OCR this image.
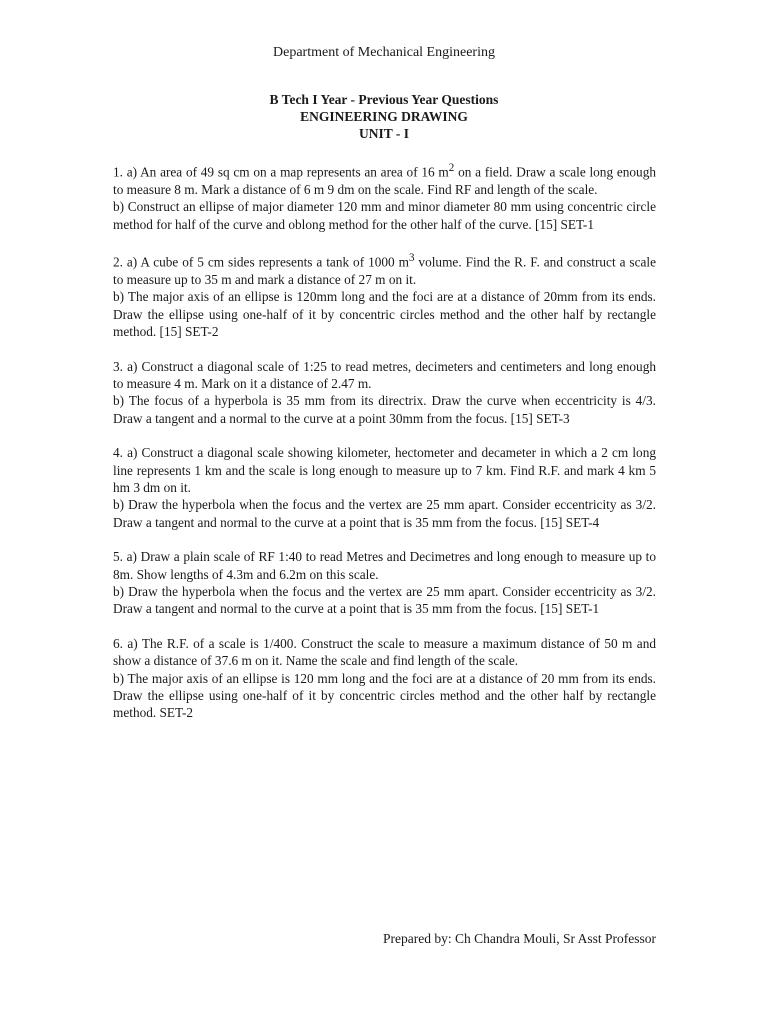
Department of Mechanical Engineering
B Tech I Year - Previous Year Questions
ENGINEERING DRAWING
UNIT - I

1. a) An area of 49 sq cm on a map represents an area of 16 $m^2$ on a field. Draw a scale long enough to measure 8 m. Mark a distance of 6 m 9 dm on the scale. Find RF and length of the scale.

b) Construct an ellipse of major diameter 120 mm and minor diameter 80 mm using concentric circle method for half of the curve and oblong method for the other half of the curve. [15] SET-1

2. a) A cube of 5 cm sides represents a tank of 1000 $m^3$ volume. Find the R. F. and construct a scale to measure up to 35 m and mark a distance of 27 m on it.

b) The major axis of an ellipse is 120mm long and the foci are at a distance of 20mm from its ends. Draw the ellipse using one-half of it by concentric circles method and the other half by rectangle method. [15] SET-2

3. a) Construct a diagonal scale of 1:25 to read metres, decimeters and centimeters and long enough to measure 4 m. Mark on it a distance of 2.47 m.

b) The focus of a hyperbola is 35 mm from its directrix. Draw the curve when eccentricity is 4/3. Draw a tangent and a normal to the curve at a point 30mm from the focus. [15] SET-3

4. a) Construct a diagonal scale showing kilometer, hectometer and decameter in which a 2 cm long line represents 1 km and the scale is long enough to measure up to 7 km. Find R.F. and mark 4 km 5 hm 3 dm on it.

b) Draw the hyperbola when the focus and the vertex are 25 mm apart. Consider eccentricity as 3/2. Draw a tangent and normal to the curve at a point that is 35 mm from the focus. [15] SET-4

5. a) Draw a plain scale of RF 1:40 to read Metres and Decimetres and long enough to measure up to 8m. Show lengths of 4.3m and 6.2m on this scale.

b) Draw the hyperbola when the focus and the vertex are 25 mm apart. Consider eccentricity as 3/2. Draw a tangent and normal to the curve at a point that is 35 mm from the focus. [15] SET-1

6. a) The R.F. of a scale is 1/400. Construct the scale to measure a maximum distance of 50 m and show a distance of 37.6 m on it. Name the scale and find length of the scale.

b) The major axis of an ellipse is 120 mm long and the foci are at a distance of 20 mm from its ends. Draw the ellipse using one-half of it by concentric circles method and the other half by rectangle method. SET-2

Prepared by: Ch Chandra Mouli, Sr Asst Professor
